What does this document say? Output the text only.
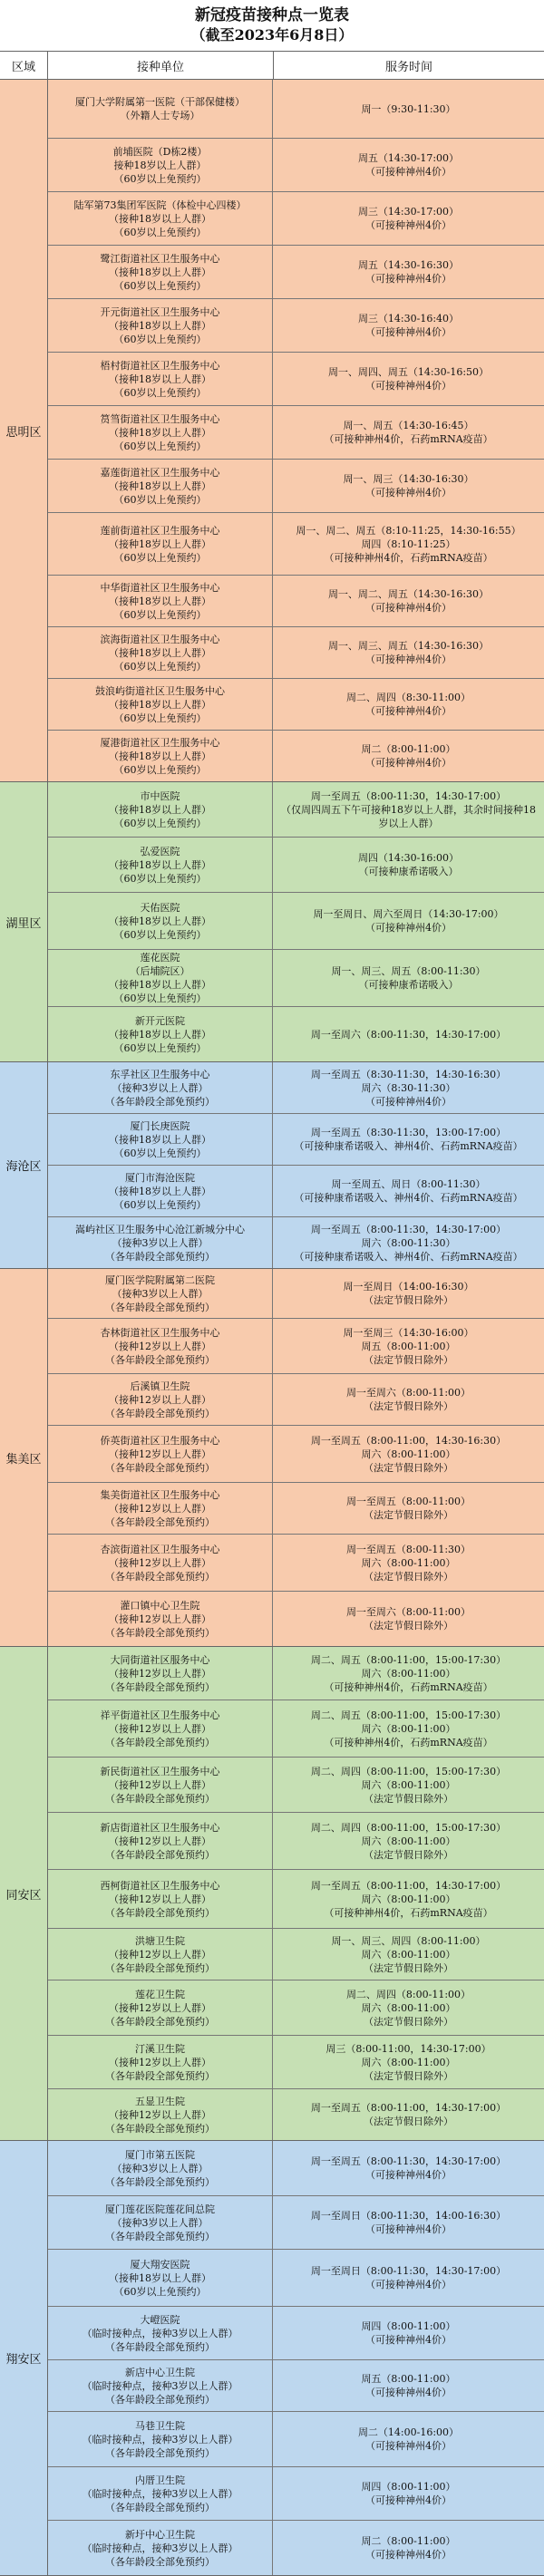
新冠疫苗接种点一览表
（截至2023年6月8日）
区域	接种单位	服务时间
思明区
厦门大学附属第一医院（干部保健楼）
（外籍人士专场）
周一（9:30-11:30）
前埔医院（D栋2楼）
接种18岁以上人群）
（60岁以上免预约）
周五（14:30-17:00）
（可接种神州4价）
陆军第73集团军医院（体检中心四楼）
（接种18岁以上人群）
（60岁以上免预约）
周三（14:30-17:00）
（可接种神州4价）
鹭江街道社区卫生服务中心
（接种18岁以上人群）
（60岁以上免预约）
周五（14:30-16:30）
（可接种神州4价）
开元街道社区卫生服务中心
（接种18岁以上人群）
（60岁以上免预约）
周三（14:30-16:40）
（可接种神州4价）
梧村街道社区卫生服务中心
（接种18岁以上人群）
（60岁以上免预约）
周一、周四、周五（14:30-16:50）
（可接种神州4价）
筼筜街道社区卫生服务中心
（接种18岁以上人群）
（60岁以上免预约）
周一、周五（14:30-16:45）
（可接种神州4价，石药mRNA疫苗）
嘉莲街道社区卫生服务中心
（接种18岁以上人群）
（60岁以上免预约）
周一、周三（14:30-16:30）
（可接种神州4价）
莲前街道社区卫生服务中心
（接种18岁以上人群）
（60岁以上免预约）
周一、周二、周五（8:10-11:25，14:30-16:55）
周四（8:10-11:25）
（可接种神州4价，石药mRNA疫苗）
中华街道社区卫生服务中心
（接种18岁以上人群）
（60岁以上免预约）
周一、周二、周五（14:30-16:30）
（可接种神州4价）
滨海街道社区卫生服务中心
（接种18岁以上人群）
（60岁以上免预约）
周一、周三、周五（14:30-16:30）
（可接种神州4价）
鼓浪屿街道社区卫生服务中心
（接种18岁以上人群）
（60岁以上免预约）
周二、周四（8:30-11:00）
（可接种神州4价）
厦港街道社区卫生服务中心
（接种18岁以上人群）
（60岁以上免预约）
周二（8:00-11:00）
（可接种神州4价）
湖里区
市中医院
（接种18岁以上人群）
（60岁以上免预约）
周一至周五（8:00-11:30，14:30-17:00）
（仅周四周五下午可接种18岁以上人群，其余时间接种18
岁以上人群）
弘爱医院
（接种18岁以上人群）
（60岁以上免预约）
周四（14:30-16:00）
（可接种康希诺吸入）
天佑医院
（接种18岁以上人群）
（60岁以上免预约）
周一至周日、周六至周日（14:30-17:00）
（可接种神州4价）
莲花医院
（后埔院区）
（接种18岁以上人群）
（60岁以上免预约）
周一、周三、周五（8:00-11:30）
（可接种康希诺吸入）
新开元医院
（接种18岁以上人群）
（60岁以上免预约）
周一至周六（8:00-11:30，14:30-17:00）
海沧区
东孚社区卫生服务中心
（接种3岁以上人群）
（各年龄段全部免预约）
周一至周五（8:30-11:30，14:30-16:30）
周六（8:30-11:30）
（可接种神州4价）
厦门长庚医院
（接种18岁以上人群）
（60岁以上免预约）
周一至周五（8:30-11:30，13:00-17:00）
（可接种康希诺吸入、神州4价、石药mRNA疫苗）
厦门市海沧医院
（接种18岁以上人群）
（60岁以上免预约）
周一至周五、周日（8:00-11:30）
（可接种康希诺吸入、神州4价、石药mRNA疫苗）
嵩屿社区卫生服务中心沧江新城分中心
（接种3岁以上人群）
（各年龄段全部免预约）
周一至周五（8:00-11:30，14:30-17:00）
周六（8:00-11:30）
（可接种康希诺吸入、神州4价、石药mRNA疫苗）
集美区
厦门医学院附属第二医院
（接种3岁以上人群）
（各年龄段全部免预约）
周一至周日（14:00-16:30）
（法定节假日除外）
杏林街道社区卫生服务中心
（接种12岁以上人群）
（各年龄段全部免预约）
周一至周三（14:30-16:00）
周五（8:00-11:00）
（法定节假日除外）
后溪镇卫生院
（接种12岁以上人群）
（各年龄段全部免预约）
周一至周六（8:00-11:00）
（法定节假日除外）
侨英街道社区卫生服务中心
（接种12岁以上人群）
（各年龄段全部免预约）
周一至周五（8:00-11:00，14:30-16:30）
周六（8:00-11:00）
（法定节假日除外）
集美街道社区卫生服务中心
（接种12岁以上人群）
（各年龄段全部免预约）
周一至周五（8:00-11:00）
（法定节假日除外）
杏滨街道社区卫生服务中心
（接种12岁以上人群）
（各年龄段全部免预约）
周一至周五（8:00-11:30）
周六（8:00-11:00）
（法定节假日除外）
灌口镇中心卫生院
（接种12岁以上人群）
（各年龄段全部免预约）
周一至周六（8:00-11:00）
（法定节假日除外）
同安区
大同街道社区服务中心
（接种12岁以上人群）
（各年龄段全部免预约）
周二、周五（8:00-11:00，15:00-17:30）
周六（8:00-11:00）
（可接种神州4价，石药mRNA疫苗）
祥平街道社区卫生服务中心
（接种12岁以上人群）
（各年龄段全部免预约）
周二、周五（8:00-11:00，15:00-17:30）
周六（8:00-11:00）
（可接种神州4价，石药mRNA疫苗）
新民街道社区卫生服务中心
（接种12岁以上人群）
（各年龄段全部免预约）
周二、周四（8:00-11:00，15:00-17:30）
周六（8:00-11:00）
（法定节假日除外）
新店街道社区卫生服务中心
（接种12岁以上人群）
（各年龄段全部免预约）
周二、周四（8:00-11:00，15:00-17:30）
周六（8:00-11:00）
（法定节假日除外）
西柯街道社区卫生服务中心
（接种12岁以上人群）
（各年龄段全部免预约）
周一至周五（8:00-11:00，14:30-17:00）
周六（8:00-11:00）
（可接种神州4价，石药mRNA疫苗）
洪塘卫生院
（接种12岁以上人群）
（各年龄段全部免预约）
周一、周三、周四（8:00-11:00）
周六（8:00-11:00）
（法定节假日除外）
莲花卫生院
（接种12岁以上人群）
（各年龄段全部免预约）
周二、周四（8:00-11:00）
周六（8:00-11:00）
（法定节假日除外）
汀溪卫生院
（接种12岁以上人群）
（各年龄段全部免预约）
周三（8:00-11:00，14:30-17:00）
周六（8:00-11:00）
（法定节假日除外）
五显卫生院
（接种12岁以上人群）
（各年龄段全部免预约）
周一至周五（8:00-11:00，14:30-17:00）
（法定节假日除外）
翔安区
厦门市第五医院
（接种3岁以上人群）
（各年龄段全部免预约）
周一至周五（8:00-11:30，14:30-17:00）
（可接种神州4价）
厦门莲花医院莲花间总院
（接种3岁以上人群）
（各年龄段全部免预约）
周一至周日（8:00-11:30，14:00-16:30）
（可接种神州4价）
厦大翔安医院
（接种18岁以上人群）
（60岁以上免预约）
周一至周日（8:00-11:30，14:30-17:00）
（可接种神州4价）
大嶝医院
（临时接种点，接种3岁以上人群）
（各年龄段全部免预约）
周四（8:00-11:00）
（可接种神州4价）
新店中心卫生院
（临时接种点，接种3岁以上人群）
（各年龄段全部免预约）
周五（8:00-11:00）
（可接种神州4价）
马巷卫生院
（临时接种点，接种3岁以上人群）
（各年龄段全部免预约）
周二（14:00-16:00）
（可接种神州4价）
内厝卫生院
（临时接种点，接种3岁以上人群）
（各年龄段全部免预约）
周四（8:00-11:00）
（可接种神州4价）
新圩中心卫生院
（临时接种点，接种3岁以上人群）
（各年龄段全部免预约）
周二（8:00-11:00）
（可接种神州4价）
